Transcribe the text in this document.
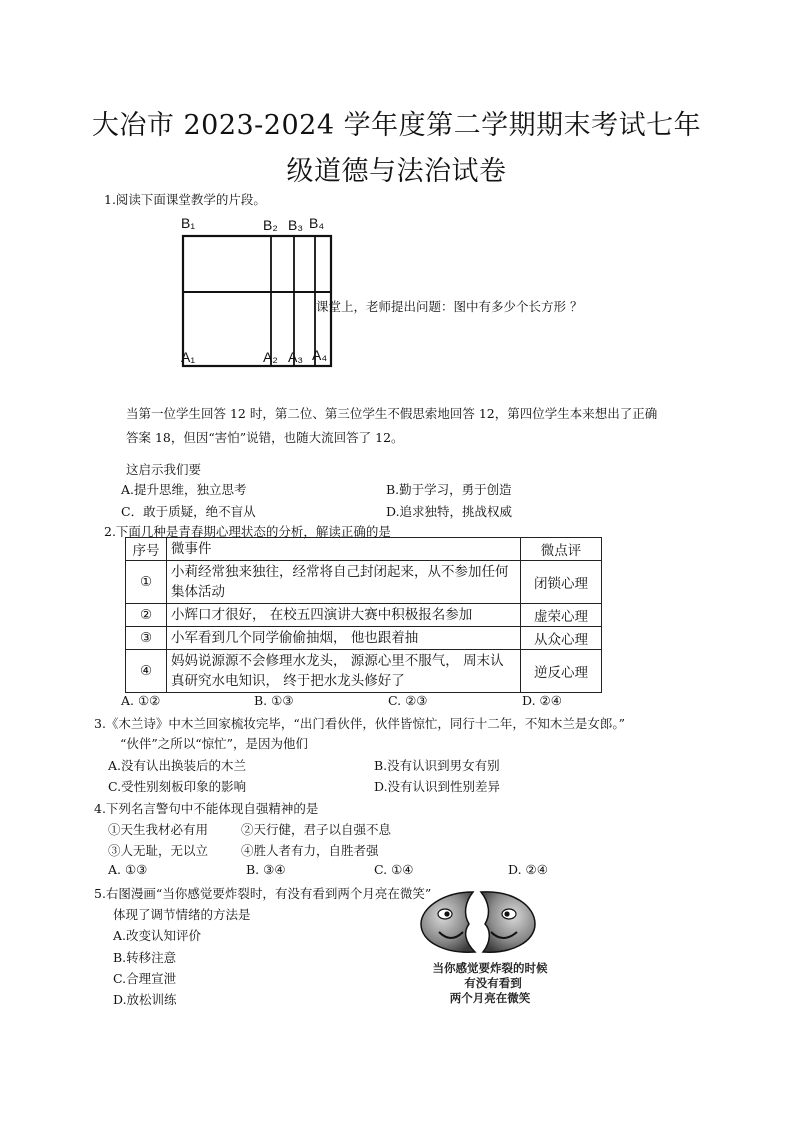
大冶市 2023-2024 学年度第二学期期末考试七年
级道德与法治试卷
1.阅读下面课堂教学的片段。
B₁	B₂ B₃ B₄
A₁	A₂ A₃ A₄
课堂上，老师提出问题：图中有多少个长方形 ？
当第一位学生回答 12 时，第二位、第三位学生不假思索地回答 12，第四位学生本来想出了正确
答案 18，但因“害怕”说错，也随大流回答了 12。
这启示我们要
A.提升思维，独立思考	B.勤于学习，勇于创造
C．敢于质疑，绝不盲从	D.追求独特，挑战权威
2.下面几种是青春期心理状态的分析，解读正确的是
序号	微事件	微点评
①	小莉经常独来独往，经常将自己封闭起来，从不参加任何集体活动	闭锁心理
②	小辉口才很好， 在校五四演讲大赛中积极报名参加	虚荣心理
③	小军看到几个同学偷偷抽烟， 他也跟着抽	从众心理
④	妈妈说源源不会修理水龙头， 源源心里不服气， 周末认真研究水电知识， 终于把水龙头修好了	逆反心理
A. ①②	B. ①③	C. ②③	D. ②④
3.《木兰诗》中木兰回家梳妆完毕，“出门看伙伴，伙伴皆惊忙，同行十二年，不知木兰是女郎。”
“伙伴”之所以“惊忙”，是因为他们
A.没有认出换装后的木兰	B.没有认识到男女有别
C.受性别刻板印象的影响	D.没有认识到性别差异
4.下列名言警句中不能体现自强精神的是
①天生我材必有用	②天行健，君子以自强不息
③人无耻，无以立	④胜人者有力，自胜者强
A. ①③	B. ③④	C. ①④	D. ②④
5.右图漫画“当你感觉要炸裂时，有没有看到两个月亮在微笑”
体现了调节情绪的方法是
A.改变认知评价
B.转移注意
C.合理宣泄
D.放松训练
当你感觉要炸裂的时候
有没有看到
两个月亮在微笑
